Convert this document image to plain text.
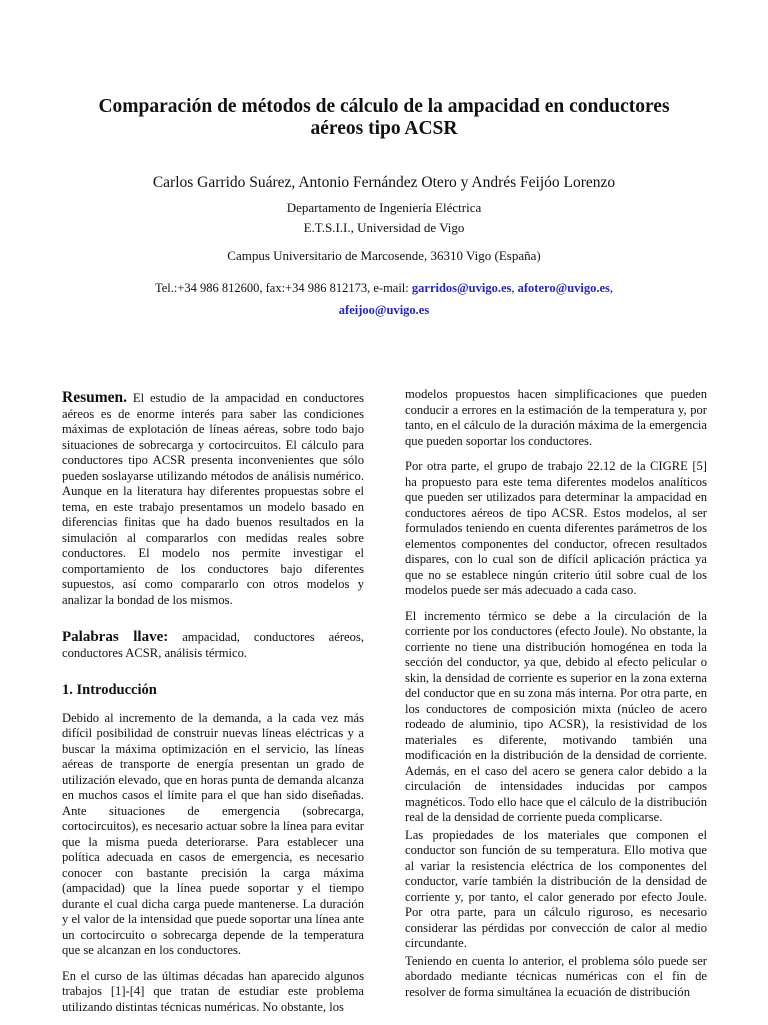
Comparación de métodos de cálculo de la ampacidad en conductores
aéreos tipo ACSR

Carlos Garrido Suárez, Antonio Fernández Otero y Andrés Feijóo Lorenzo

Departamento de Ingeniería Eléctrica

E.T.S.I.I., Universidad de Vigo

Campus Universitario de Marcosende, 36310 Vigo (España)

Tel.:+34 986 812600, fax:+34 986 812173, e-mail: garridos@uvigo.es, afotero@uvigo.es,

afeijoo@uvigo.es

Resumen. El estudio de la ampacidad en conductores aéreos es de enorme interés para saber las condiciones máximas de explotación de líneas aéreas, sobre todo bajo situaciones de sobrecarga y cortocircuitos. El cálculo para conductores tipo ACSR presenta inconvenientes que sólo pueden soslayarse utilizando métodos de análisis numérico. Aunque en la literatura hay diferentes propuestas sobre el tema, en este trabajo presentamos un modelo basado en diferencias finitas que ha dado buenos resultados en la simulación al compararlos con medidas reales sobre conductores. El modelo nos permite investigar el comportamiento de los conductores bajo diferentes supuestos, así como compararlo con otros modelos y analizar la bondad de los mismos.

Palabras llave: ampacidad, conductores aéreos, conductores ACSR, análisis térmico.

1. Introducción

Debido al incremento de la demanda, a la cada vez más difícil posibilidad de construir nuevas líneas eléctricas y a buscar la máxima optimización en el servicio, las líneas aéreas de transporte de energía presentan un grado de utilización elevado, que en horas punta de demanda alcanza en muchos casos el límite para el que han sido diseñadas. Ante situaciones de emergencia (sobrecarga, cortocircuitos), es necesario actuar sobre la línea para evitar que la misma pueda deteriorarse. Para establecer una política adecuada en casos de emergencia, es necesario conocer con bastante precisión la carga máxima (ampacidad) que la línea puede soportar y el tiempo durante el cual dicha carga puede mantenerse. La duración y el valor de la intensidad que puede soportar una línea ante un cortocircuito o sobrecarga depende de la temperatura que se alcanzan en los conductores.

En el curso de las últimas décadas han aparecido algunos trabajos [1]-[4] que tratan de estudiar este problema utilizando distintas técnicas numéricas. No obstante, los

modelos propuestos hacen simplificaciones que pueden conducir a errores en la estimación de la temperatura y, por tanto, en el cálculo de la duración máxima de la emergencia que pueden soportar los conductores.

Por otra parte, el grupo de trabajo 22.12 de la CIGRE [5] ha propuesto para este tema diferentes modelos analíticos que pueden ser utilizados para determinar la ampacidad en conductores aéreos de tipo ACSR. Estos modelos, al ser formulados teniendo en cuenta diferentes parámetros de los elementos componentes del conductor, ofrecen resultados dispares, con lo cual son de difícil aplicación práctica ya que no se establece ningún criterio útil sobre cual de los modelos puede ser más adecuado a cada caso.

El incremento térmico se debe a la circulación de la corriente por los conductores (efecto Joule). No obstante, la corriente no tiene una distribución homogénea en toda la sección del conductor, ya que, debido al efecto pelicular o skin, la densidad de corriente es superior en la zona externa del conductor que en su zona más interna. Por otra parte, en los conductores de composición mixta (núcleo de acero rodeado de aluminio, tipo ACSR), la resistividad de los materiales es diferente, motivando también una modificación en la distribución de la densidad de corriente. Además, en el caso del acero se genera calor debido a la circulación de intensidades inducidas por campos magnéticos. Todo ello hace que el cálculo de la distribución real de la densidad de corriente pueda complicarse.

Las propiedades de los materiales que componen el conductor son función de su temperatura. Ello motiva que al variar la resistencia eléctrica de los componentes del conductor, varíe también la distribución de la densidad de corriente y, por tanto, el calor generado por efecto Joule. Por otra parte, para un cálculo riguroso, es necesario considerar las pérdidas por convección de calor al medio circundante.

Teniendo en cuenta lo anterior, el problema sólo puede ser abordado mediante técnicas numéricas con el fin de resolver de forma simultánea la ecuación de distribución
